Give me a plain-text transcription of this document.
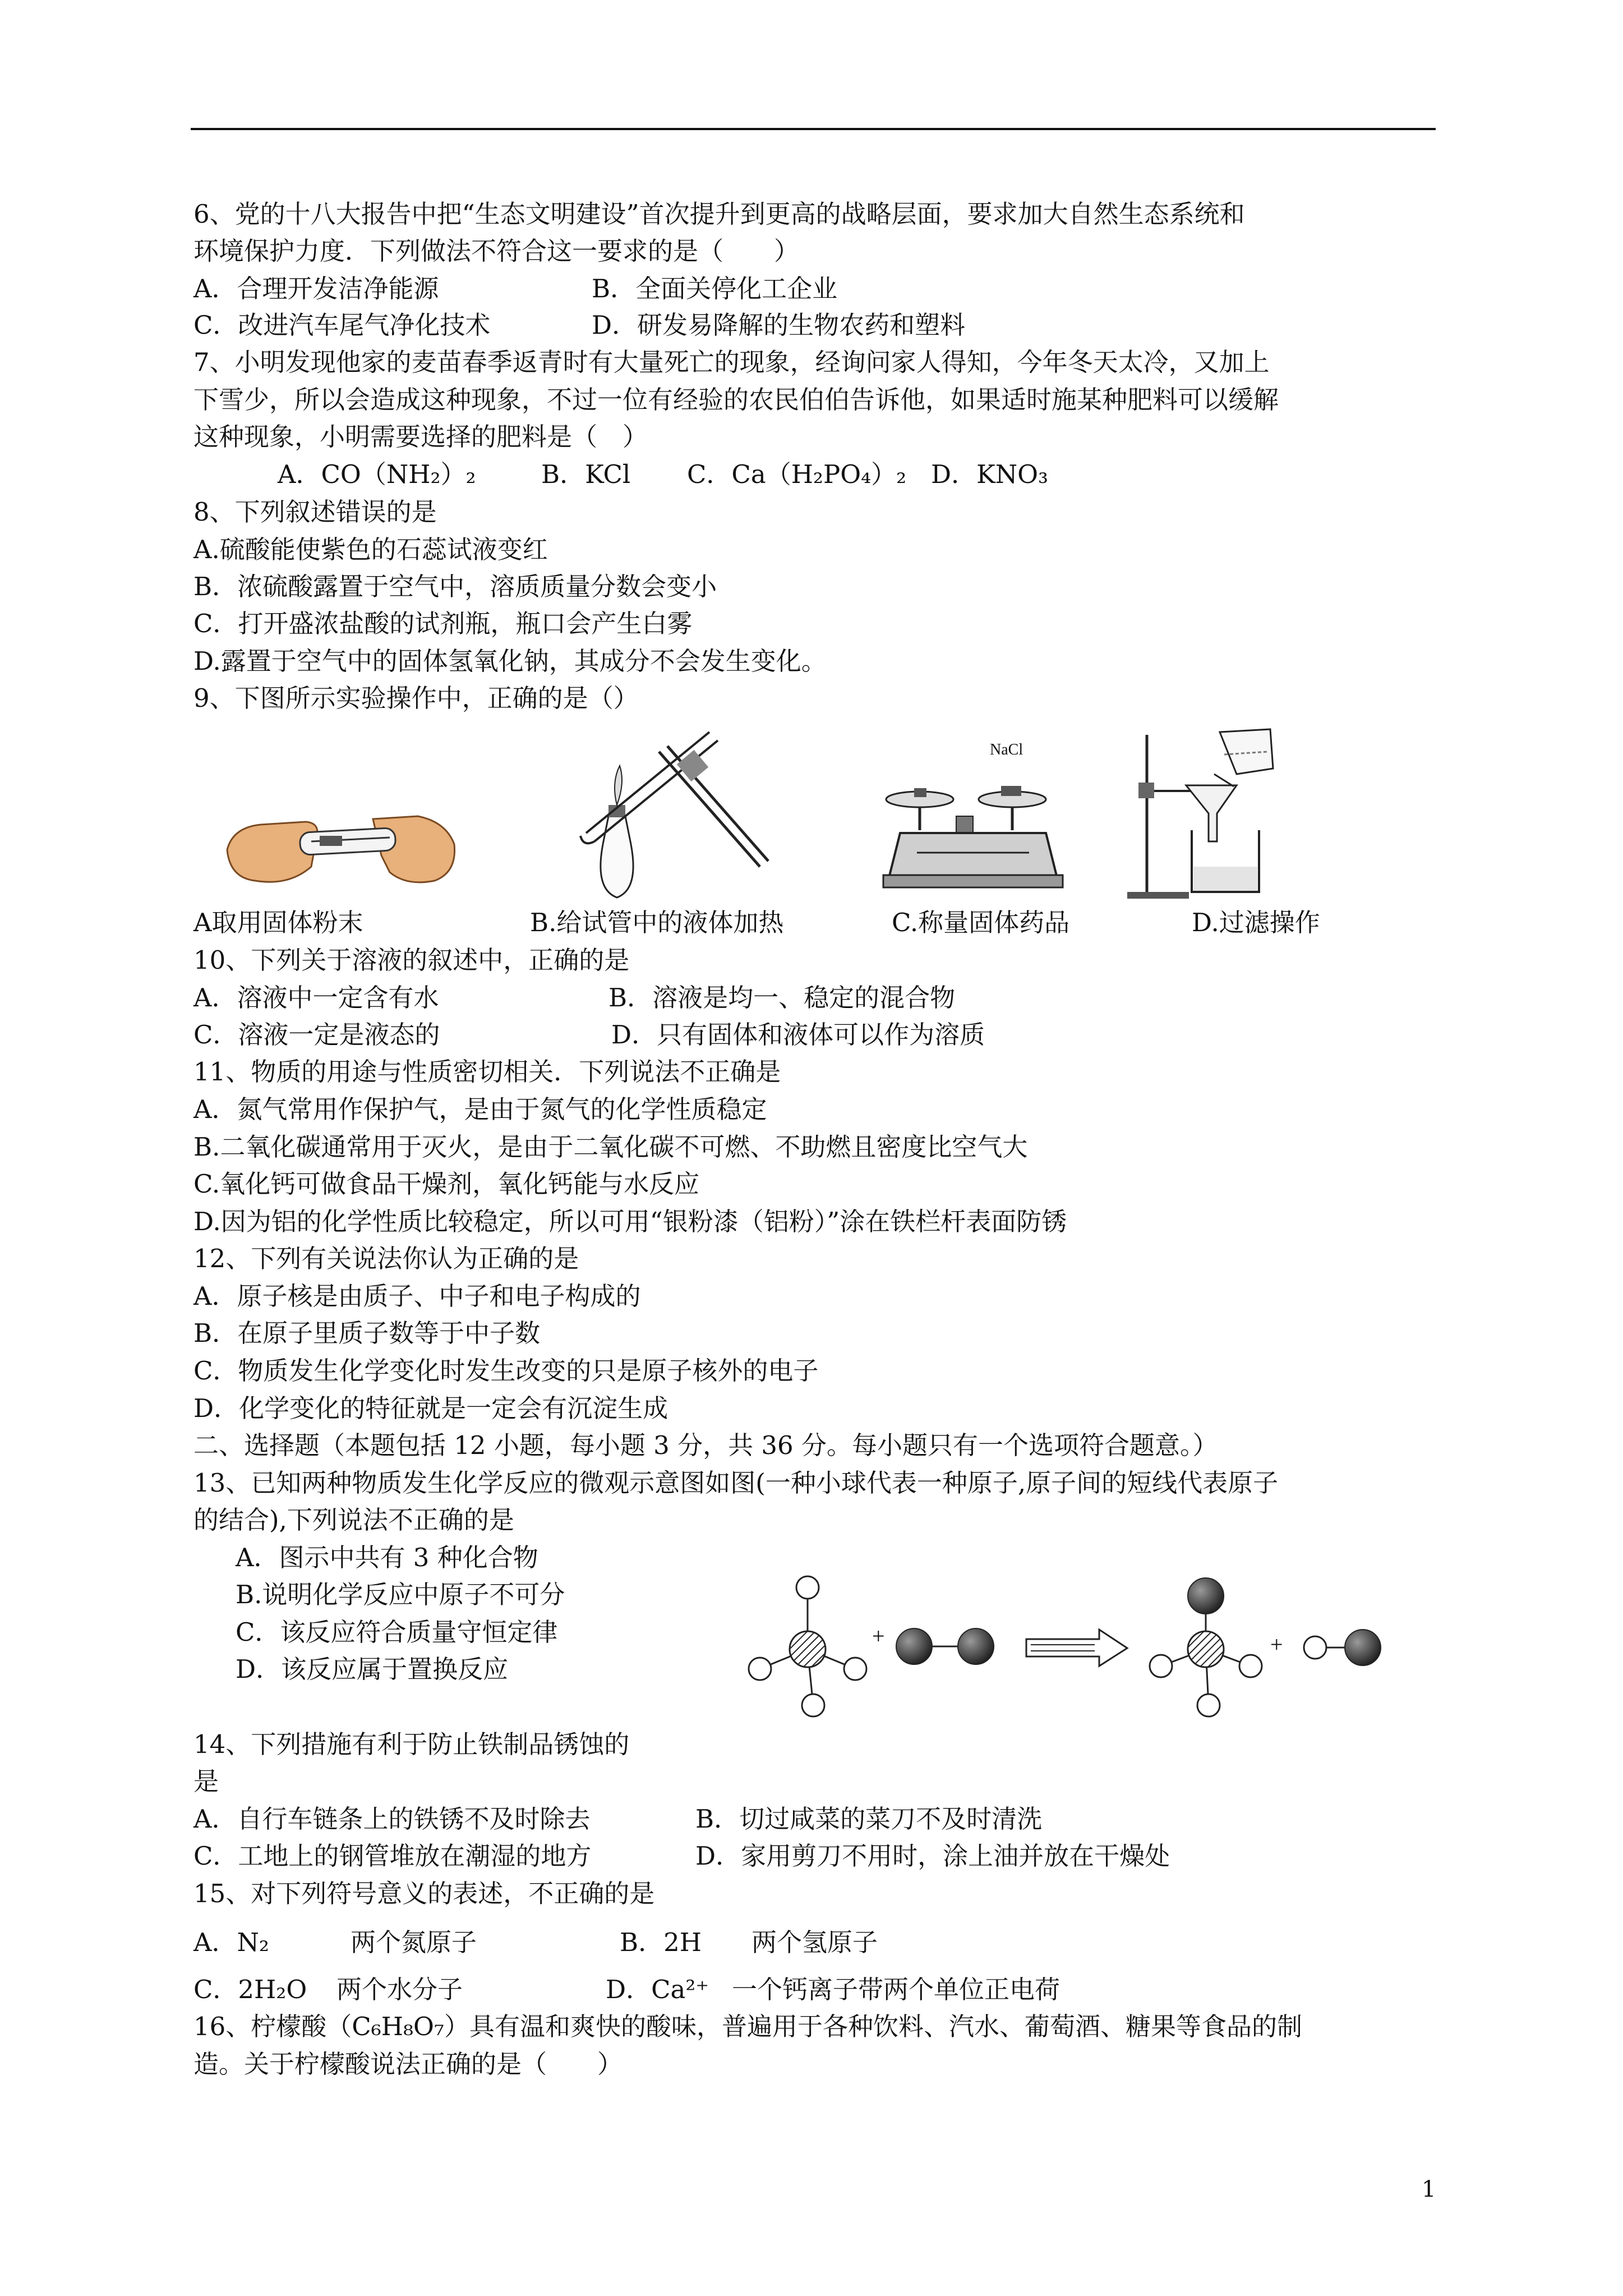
6、党的十八大报告中把“生态文明建设”首次提升到更高的战略层面，要求加大自然生态系统和
环境保护力度．下列做法不符合这一要求的是（　　）
A．合理开发洁净能源	B．全面关停化工企业
C．改进汽车尾气净化技术	D．研发易降解的生物农药和塑料
7、小明发现他家的麦苗春季返青时有大量死亡的现象，经询问家人得知，今年冬天太冷，又加上
下雪少，所以会造成这种现象，不过一位有经验的农民伯伯告诉他，如果适时施某种肥料可以缓解
这种现象，小明需要选择的肥料是（　）
A．CO（NH₂）₂	B．KCl C．Ca（H₂PO₄）₂ D．KNO₃
8、下列叙述错误的是
A.硫酸能使紫色的石蕊试液变红
B．浓硫酸露置于空气中，溶质质量分数会变小
C．打开盛浓盐酸的试剂瓶，瓶口会产生白雾
D.露置于空气中的固体氢氧化钠，其成分不会发生变化。
9、下图所示实验操作中，正确的是（）
NaCl
A取用固体粉末	B.给试管中的液体加热	C.称量固体药品	D.过滤操作
10、下列关于溶液的叙述中，正确的是
A．溶液中一定含有水	B．溶液是均一、稳定的混合物
C．溶液一定是液态的	D．只有固体和液体可以作为溶质
11、物质的用途与性质密切相关．下列说法不正确是
A．氮气常用作保护气，是由于氮气的化学性质稳定
B.二氧化碳通常用于灭火，是由于二氧化碳不可燃、不助燃且密度比空气大
C.氧化钙可做食品干燥剂，氧化钙能与水反应
D.因为铝的化学性质比较稳定，所以可用“银粉漆（铝粉）”涂在铁栏杆表面防锈
12、下列有关说法你认为正确的是
A．原子核是由质子、中子和电子构成的
B．在原子里质子数等于中子数
C．物质发生化学变化时发生改变的只是原子核外的电子
D．化学变化的特征就是一定会有沉淀生成
二、选择题（本题包括 12 小题，每小题 3 分，共 36 分。每小题只有一个选项符合题意。）
13、已知两种物质发生化学反应的微观示意图如图(一种小球代表一种原子,原子间的短线代表原子
的结合),下列说法不正确的是
A．图示中共有 3 种化合物
B.说明化学反应中原子不可分
C．该反应符合质量守恒定律
D．该反应属于置换反应
+	+
14、下列措施有利于防止铁制品锈蚀的
是
A．自行车链条上的铁锈不及时除去	B．切过咸菜的菜刀不及时清洗
C．工地上的钢管堆放在潮湿的地方	D．家用剪刀不用时，涂上油并放在干燥处
15、对下列符号意义的表述，不正确的是
A．N₂	两个氮原子	B．2H 两个氢原子
C．2H₂O 两个水分子	D．Ca²⁺ 一个钙离子带两个单位正电荷
16、柠檬酸（C₆H₈O₇）具有温和爽快的酸味，普遍用于各种饮料、汽水、葡萄酒、糖果等食品的制
造。关于柠檬酸说法正确的是（　　）
1
